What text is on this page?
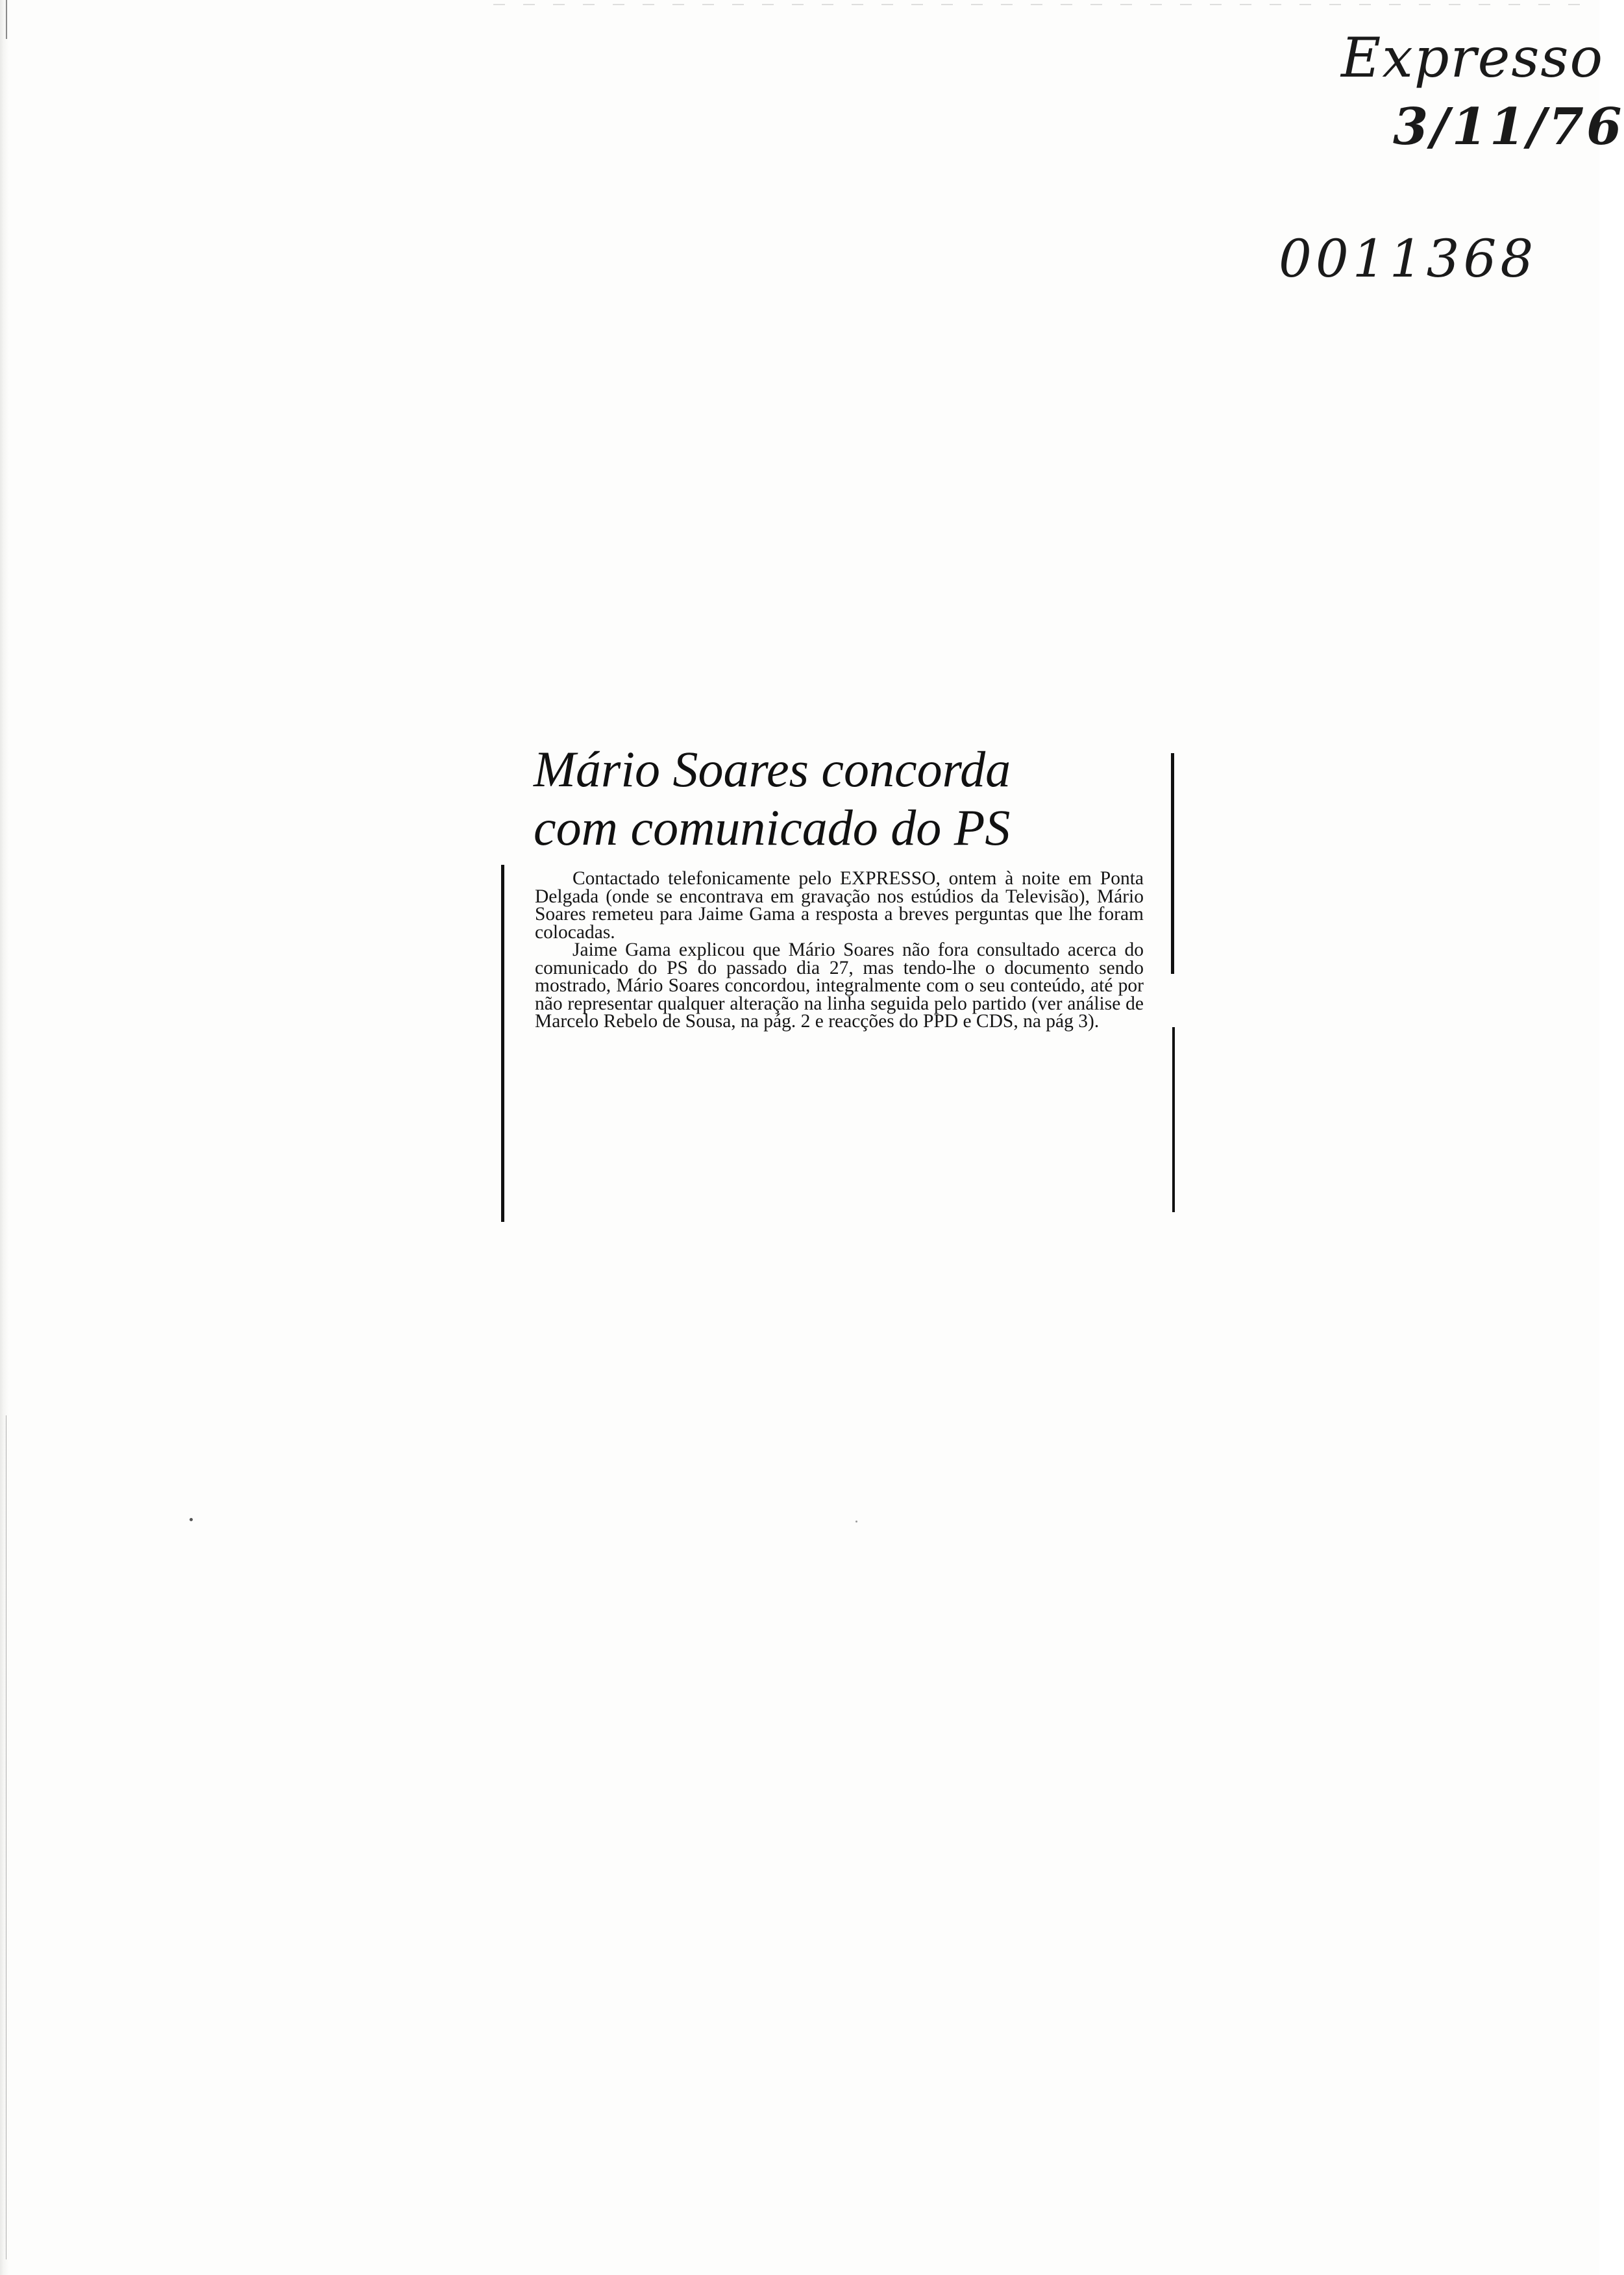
Expresso
3/11/76
0011368
Mário Soares concorda
com comunicado do PS

Contactado telefonicamente pelo EXPRESSO, ontem à noite em Ponta Delgada (onde se encontrava em gravação nos estúdios da Televisão), Mário Soares remeteu para Jaime Gama a resposta a breves perguntas que lhe foram colocadas.

Jaime Gama explicou que Mário Soares não fora consultado acerca do comunicado do PS do passado dia 27, mas tendo-lhe o documento sendo mostrado, Mário Soares concordou, integralmente com o seu conteúdo, até por não representar qualquer alteração na linha seguida pelo partido (ver análise de Marcelo Rebelo de Sousa, na pág. 2 e reacções do PPD e CDS, na pág 3).
